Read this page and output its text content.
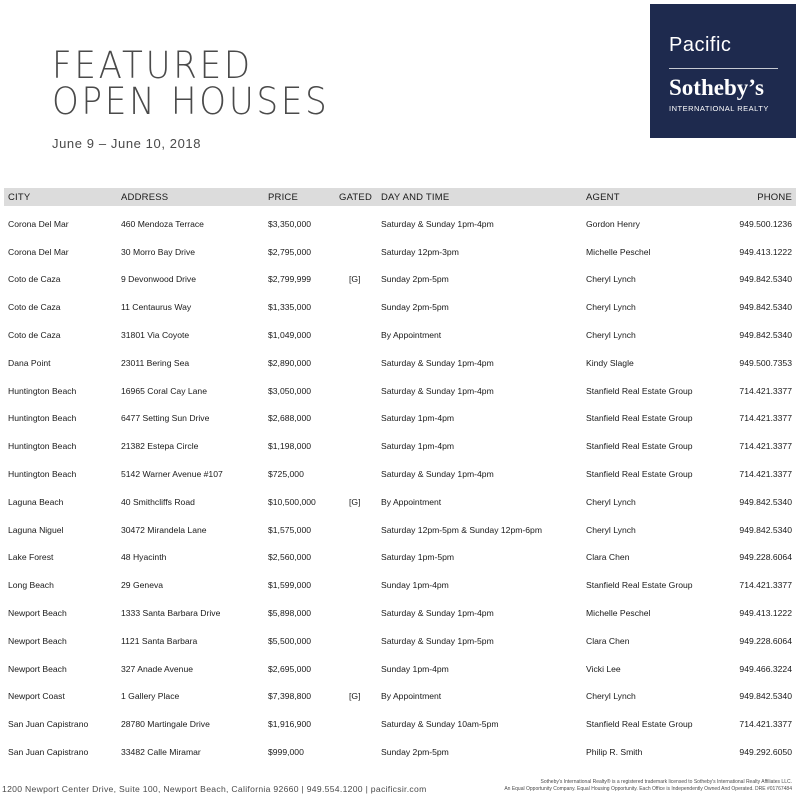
FEATURED
OPEN HOUSES
June 9 – June 10, 2018
Pacific
Sotheby’s
INTERNATIONAL REALTY
CITY	ADDRESS	PRICE	GATED	DAY AND TIME	AGENT	PHONE
Corona Del Mar	460 Mendoza Terrace	$3,350,000		Saturday & Sunday 1pm-4pm	Gordon Henry	949.500.1236
Corona Del Mar	30 Morro Bay Drive	$2,795,000		Saturday 12pm-3pm	Michelle Peschel	949.413.1222
Coto de Caza	9 Devonwood Drive	$2,799,999	[G]	Sunday 2pm-5pm	Cheryl Lynch	949.842.5340
Coto de Caza	11 Centaurus Way	$1,335,000		Sunday 2pm-5pm	Cheryl Lynch	949.842.5340
Coto de Caza	31801 Via Coyote	$1,049,000		By Appointment	Cheryl Lynch	949.842.5340
Dana Point	23011 Bering Sea	$2,890,000		Saturday & Sunday 1pm-4pm	Kindy Slagle	949.500.7353
Huntington Beach	16965 Coral Cay Lane	$3,050,000		Saturday & Sunday 1pm-4pm	Stanfield Real Estate Group	714.421.3377
Huntington Beach	6477 Setting Sun Drive	$2,688,000		Saturday 1pm-4pm	Stanfield Real Estate Group	714.421.3377
Huntington Beach	21382 Estepa Circle	$1,198,000		Saturday 1pm-4pm	Stanfield Real Estate Group	714.421.3377
Huntington Beach	5142 Warner Avenue #107	$725,000		Saturday & Sunday 1pm-4pm	Stanfield Real Estate Group	714.421.3377
Laguna Beach	40 Smithcliffs Road	$10,500,000	[G]	By Appointment	Cheryl Lynch	949.842.5340
Laguna Niguel	30472 Mirandela Lane	$1,575,000		Saturday 12pm-5pm & Sunday 12pm-6pm	Cheryl Lynch	949.842.5340
Lake Forest	48 Hyacinth	$2,560,000		Saturday 1pm-5pm	Clara Chen	949.228.6064
Long Beach	29 Geneva	$1,599,000		Sunday 1pm-4pm	Stanfield Real Estate Group	714.421.3377
Newport Beach	1333 Santa Barbara Drive	$5,898,000		Saturday & Sunday 1pm-4pm	Michelle Peschel	949.413.1222
Newport Beach	1121 Santa Barbara	$5,500,000		Saturday & Sunday 1pm-5pm	Clara Chen	949.228.6064
Newport Beach	327 Anade Avenue	$2,695,000		Sunday 1pm-4pm	Vicki Lee	949.466.3224
Newport Coast	1 Gallery Place	$7,398,800	[G]	By Appointment	Cheryl Lynch	949.842.5340
San Juan Capistrano	28780 Martingale Drive	$1,916,900		Saturday & Sunday 10am-5pm	Stanfield Real Estate Group	714.421.3377
San Juan Capistrano	33482 Calle Miramar	$999,000		Sunday 2pm-5pm	Philip R. Smith	949.292.6050
1200 Newport Center Drive, Suite 100, Newport Beach, California 92660 | 949.554.1200 | pacificsir.com
Sotheby's International Realty® is a registered trademark licensed to Sotheby's International Realty Affiliates LLC.
An Equal Opportunity Company. Equal Housing Opportunity. Each Office is Independently Owned And Operated. DRE #01767484
